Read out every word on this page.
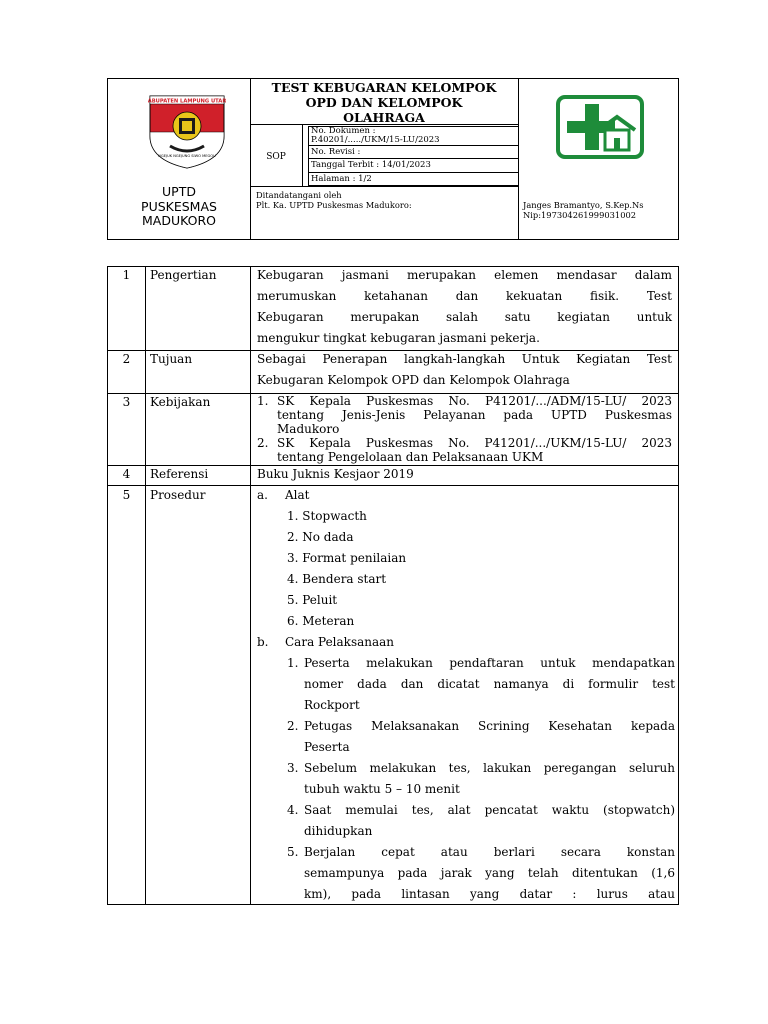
KABUPATEN LAMPUNG UTARA
NGEJUK NGEJUNG SIWO MEGOU
UPTD
PUSKESMAS
MADUKORO
TEST KEBUGARAN KELOMPOK
OPD DAN KELOMPOK
OLAHRAGA
SOP
No. Dokumen :
P.40201/...../UKM/15-LU/2023
No. Revisi :
Tanggal Terbit : 14/01/2023
Halaman : 1/2
Ditandatangani oleh
Plt. Ka. UPTD Puskesmas Madukoro:	Janges Bramantyo, S.Kep.Ns
Nip:197304261999031002
1	Pengertian	Kebugaran jasmani merupakan elemen mendasar dalam
merumuskan ketahanan dan kekuatan fisik. Test
Kebugaran merupakan salah satu kegiatan untuk
mengukur tingkat kebugaran jasmani pekerja.
2	Tujuan	Sebagai Penerapan langkah-langkah Untuk Kegiatan Test
Kebugaran Kelompok OPD dan Kelompok Olahraga
3	Kebijakan	1. SK Kepala Puskesmas No. P41201/.../ADM/15-LU/ 2023
tentang Jenis-Jenis Pelayanan pada UPTD Puskesmas
Madukoro
2. SK Kepala Puskesmas No. P41201/.../UKM/15-LU/ 2023
tentang Pengelolaan dan Pelaksanaan UKM
4	Referensi	Buku Juknis Kesjaor 2019
5	Prosedur	a. Alat
1. Stopwacth
2. No dada
3. Format penilaian
4. Bendera start
5. Peluit
6. Meteran
b. Cara Pelaksanaan
1. Peserta melakukan pendaftaran untuk mendapatkan
nomer dada dan dicatat namanya di formulir test
Rockport
2. Petugas Melaksanakan Scrining Kesehatan kepada
Peserta
3. Sebelum melakukan tes, lakukan peregangan seluruh
tubuh waktu 5 – 10 menit
4. Saat memulai tes, alat pencatat waktu (stopwatch)
dihidupkan
5. Berjalan cepat atau berlari secara konstan
semampunya pada jarak yang telah ditentukan (1,6
km), pada lintasan yang datar : lurus atau
